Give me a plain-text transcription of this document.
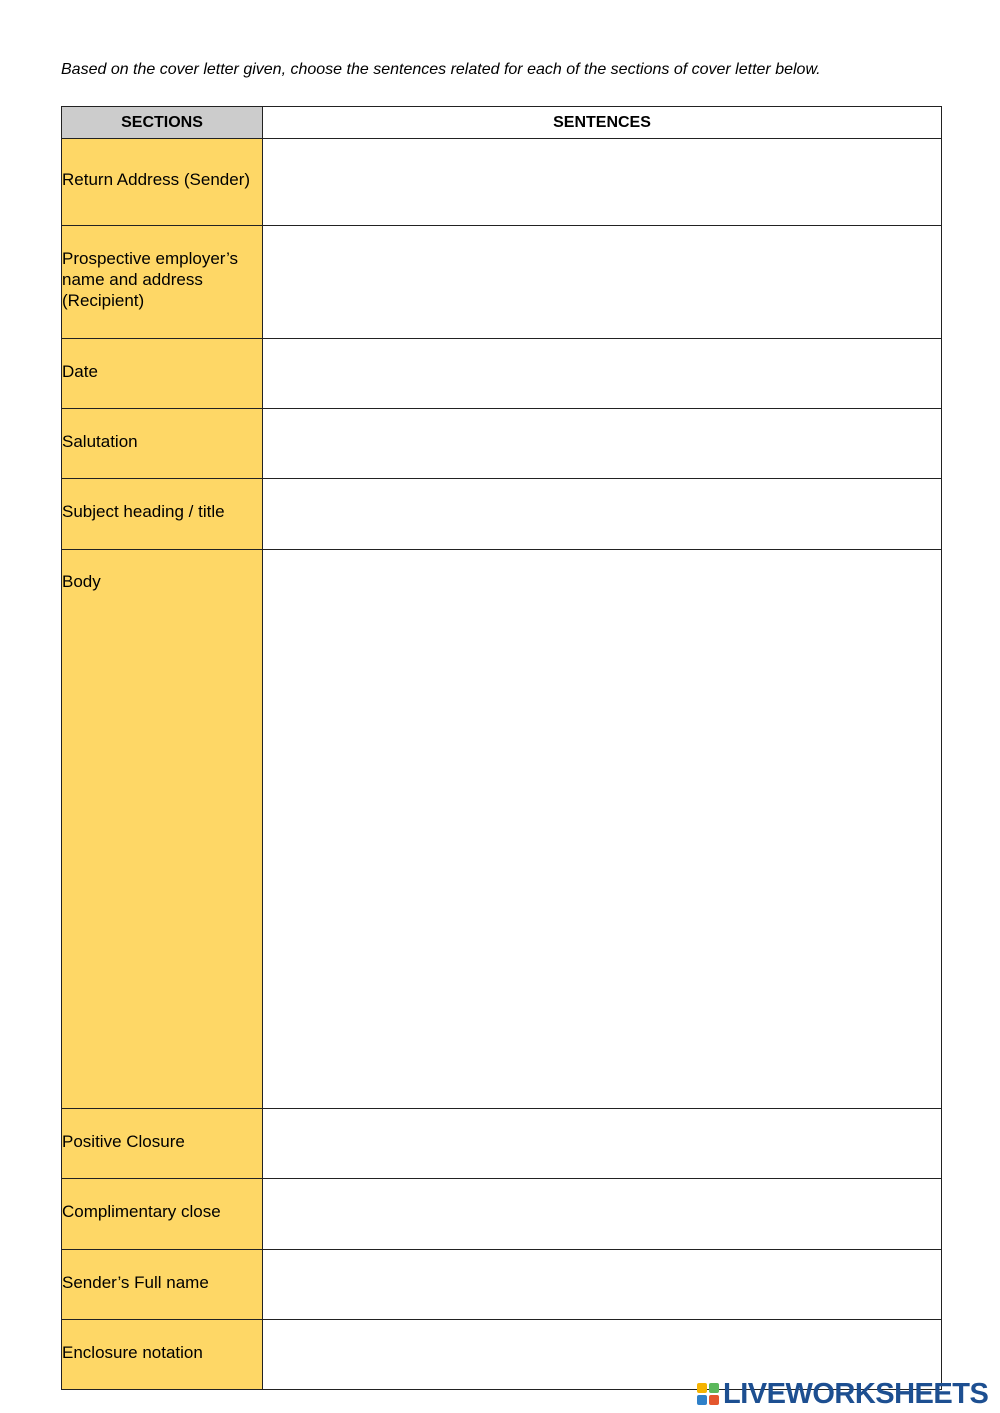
Based on the cover letter given, choose the sentences related for each of the sections of cover letter below.
SECTIONS	SENTENCES

Return Address (Sender)

Prospective employer’s name and address (Recipient)

Date

Salutation

Subject heading / title

Body

Positive Closure

Complimentary close

Sender’s Full name

Enclosure notation

LIVEWORKSHEETS
